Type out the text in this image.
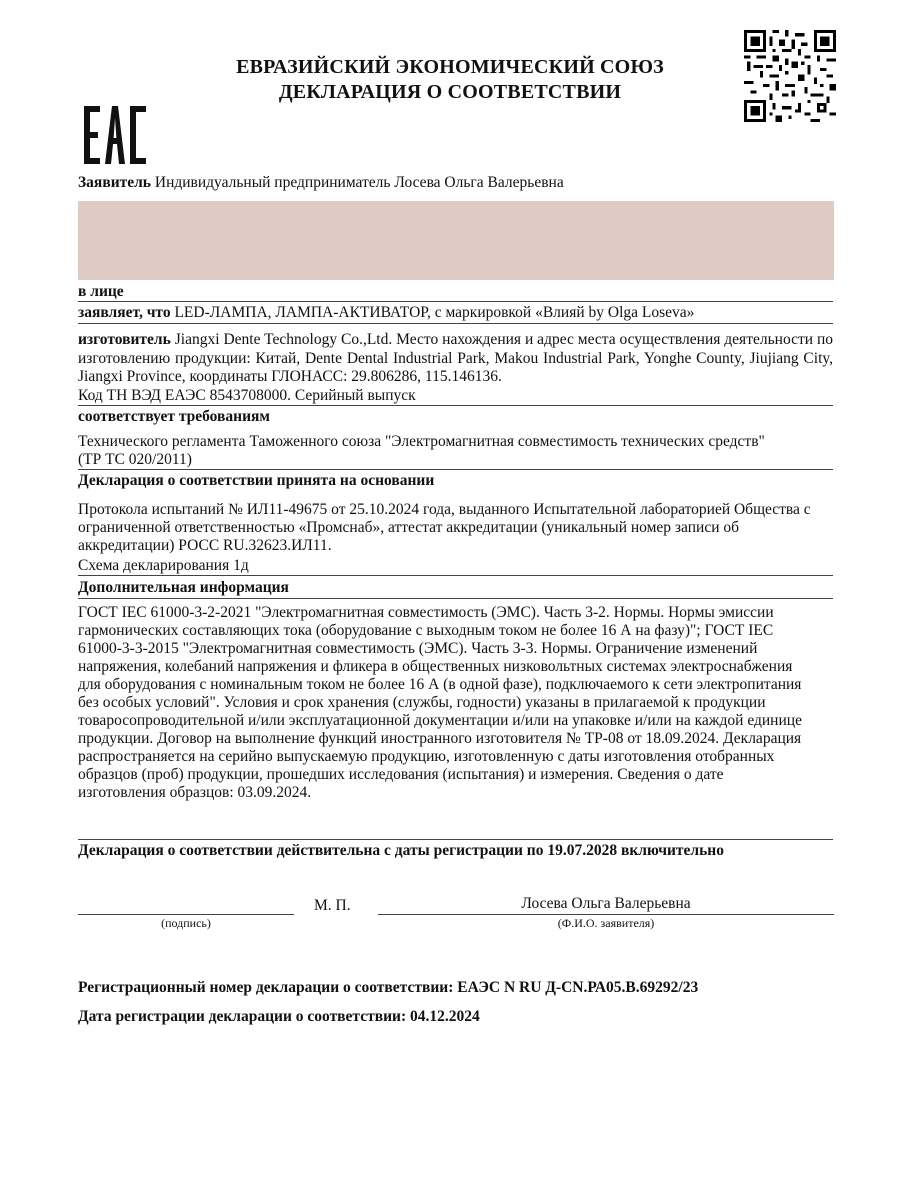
ЕВРАЗИЙСКИЙ ЭКОНОМИЧЕСКИЙ СОЮЗ
ДЕКЛАРАЦИЯ О СООТВЕТСТВИИ
Заявитель Индивидуальный предприниматель Лосева Ольга Валерьевна
в лице
заявляет, что LED-ЛАМПА, ЛАМПА-АКТИВАТОР, с маркировкой «Влияй by Olga Loseva»
изготовитель Jiangxi Dente Technology Co.,Ltd. Место нахождения и адрес места осуществления деятельности по изготовлению продукции: Китай, Dente Dental Industrial Park, Makou Industrial Park, Yonghe County, Jiujiang City, Jiangxi Province, координаты ГЛОНАСС: 29.806286, 115.146136.
Код ТН ВЭД ЕАЭС 8543708000. Серийный выпуск
соответствует требованиям
Технического регламента Таможенного союза "Электромагнитная совместимость технических средств" (ТР ТС 020/2011)
Декларация о соответствии принята на основании
Протокола испытаний № ИЛ11-49675 от 25.10.2024 года, выданного Испытательной лабораторией Общества с ограниченной ответственностью «Промснаб», аттестат аккредитации (уникальный номер записи об аккредитации) РОСС RU.32623.ИЛ11.
Схема декларирования 1д
Дополнительная информация
ГОСТ IEC 61000-3-2-2021 "Электромагнитная совместимость (ЭМС). Часть 3-2. Нормы. Нормы эмиссии гармонических составляющих тока (оборудование с выходным током не более 16 А на фазу)"; ГОСТ IEC 61000-3-3-2015 "Электромагнитная совместимость (ЭМС). Часть 3-3. Нормы. Ограничение изменений напряжения, колебаний напряжения и фликера в общественных низковольтных системах электроснабжения для оборудования с номинальным током не более 16 А (в одной фазе), подключаемого к сети электропитания без особых условий". Условия и срок хранения (службы, годности) указаны в прилагаемой к продукции товаросопроводительной и/или эксплуатационной документации и/или на упаковке и/или на каждой единице продукции. Договор на выполнение функций иностранного изготовителя № ТР-08 от 18.09.2024. Декларация распространяется на серийно выпускаемую продукцию, изготовленную с даты изготовления отобранных образцов (проб) продукции, прошедших исследования (испытания) и измерения. Сведения о дате изготовления образцов: 03.09.2024.
Декларация о соответствии действительна с даты регистрации по 19.07.2028 включительно
(подпись)
М. П.	Лосева Ольга Валерьевна
(Ф.И.О. заявителя)
Регистрационный номер декларации о соответствии: ЕАЭС N RU Д-CN.РА05.В.69292/23
Дата регистрации декларации о соответствии: 04.12.2024
